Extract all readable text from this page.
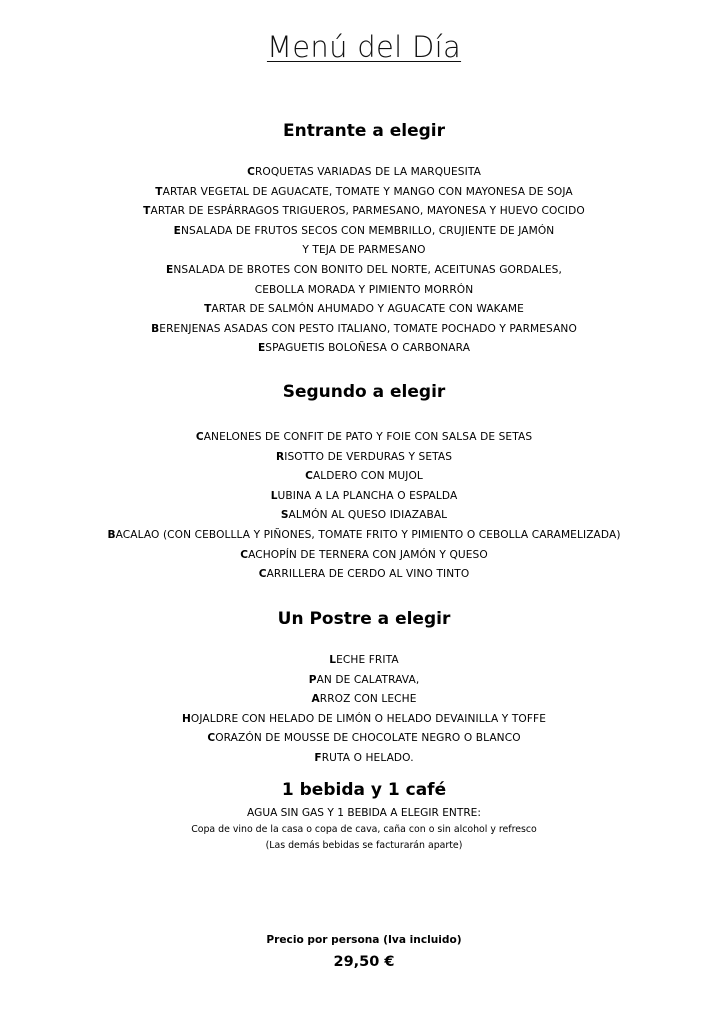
Menú del Día
Entrante a elegir
CROQUETAS VARIADAS DE LA MARQUESITA
TARTAR VEGETAL DE AGUACATE, TOMATE Y MANGO CON MAYONESA DE SOJA
TARTAR DE ESPÁRRAGOS TRIGUEROS, PARMESANO, MAYONESA Y HUEVO COCIDO
ENSALADA DE FRUTOS SECOS CON MEMBRILLO, CRUJIENTE DE JAMÓN
Y TEJA DE PARMESANO
ENSALADA DE BROTES CON BONITO DEL NORTE, ACEITUNAS GORDALES,
CEBOLLA MORADA Y PIMIENTO MORRÓN
TARTAR DE SALMÓN AHUMADO Y AGUACATE CON WAKAME
BERENJENAS ASADAS CON PESTO ITALIANO, TOMATE POCHADO Y PARMESANO
ESPAGUETIS BOLOÑESA O CARBONARA
Segundo a elegir
CANELONES DE CONFIT DE PATO Y FOIE CON SALSA DE SETAS
RISOTTO DE VERDURAS Y SETAS
CALDERO CON MUJOL
LUBINA A LA PLANCHA O ESPALDA
SALMÓN AL QUESO IDIAZABAL
BACALAO (CON CEBOLLLA Y PIÑONES, TOMATE FRITO Y PIMIENTO O CEBOLLA CARAMELIZADA)
CACHOPÍN DE TERNERA CON JAMÓN Y QUESO
CARRILLERA DE CERDO AL VINO TINTO
Un Postre a elegir
LECHE FRITA
PAN DE CALATRAVA,
ARROZ CON LECHE
HOJALDRE CON HELADO DE LIMÓN O HELADO DEVAINILLA Y TOFFE
CORAZÓN DE MOUSSE DE CHOCOLATE NEGRO O BLANCO
FRUTA O HELADO.
1 bebida y 1 café
AGUA SIN GAS Y 1 BEBIDA A ELEGIR ENTRE:
Copa de vino de la casa o copa de cava, caña con o sin alcohol y refresco
(Las demás bebidas se facturarán aparte)
Precio por persona (Iva incluido)
29,50 €
